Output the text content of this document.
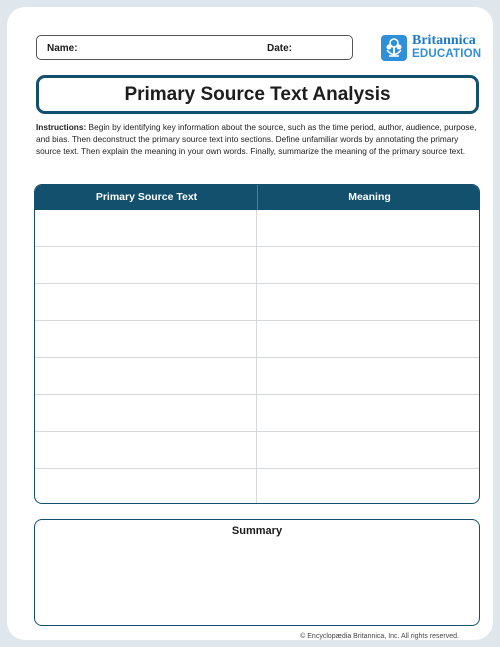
Name:	Date:
Britannica
EDUCATION
Primary Source Text Analysis

Instructions: Begin by identifying key information about the source, such as the time period, author, audience, purpose, and bias. Then deconstruct the primary source text into sections. Define unfamiliar words by annotating the primary source text. Then explain the meaning in your own words. Finally, summarize the meaning of the primary source text.

Primary Source Text	Meaning
Summary
© Encyclopædia Britannica, Inc. All rights reserved.
